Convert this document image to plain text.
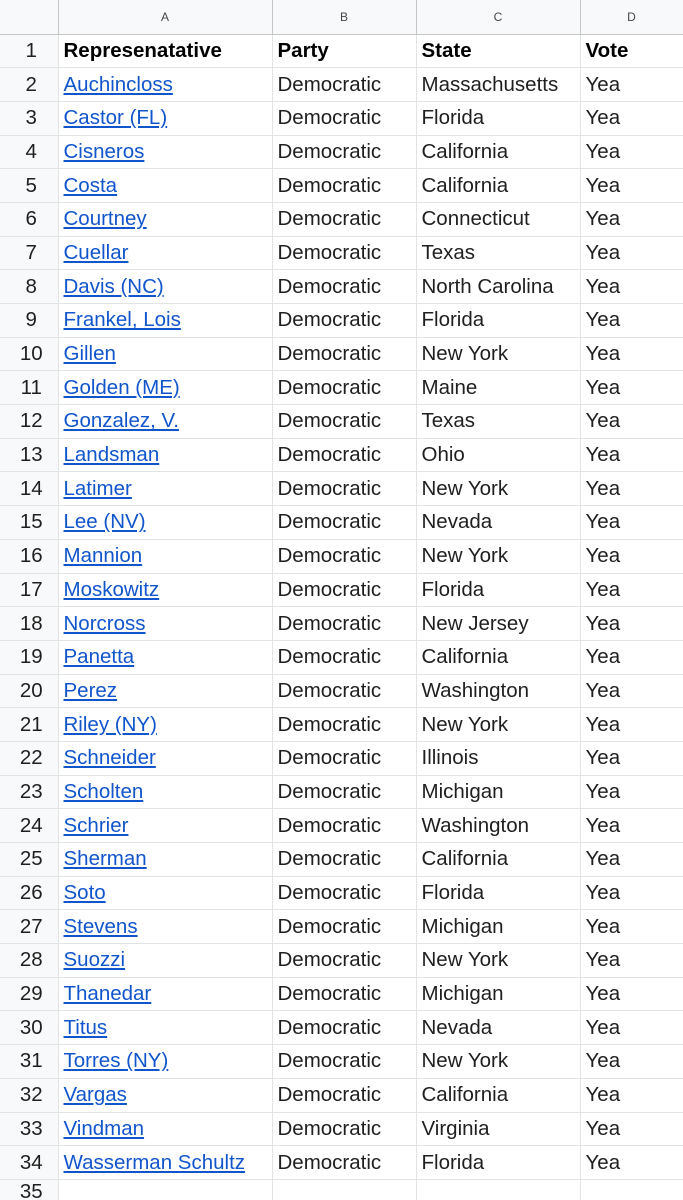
	A	B	C	D
1	Represenatative	Party	State	Vote
2	Auchincloss	Democratic	Massachusetts	Yea
3	Castor (FL)	Democratic	Florida	Yea
4	Cisneros	Democratic	California	Yea
5	Costa	Democratic	California	Yea
6	Courtney	Democratic	Connecticut	Yea
7	Cuellar	Democratic	Texas	Yea
8	Davis (NC)	Democratic	North Carolina	Yea
9	Frankel, Lois	Democratic	Florida	Yea
10	Gillen	Democratic	New York	Yea
11	Golden (ME)	Democratic	Maine	Yea
12	Gonzalez, V.	Democratic	Texas	Yea
13	Landsman	Democratic	Ohio	Yea
14	Latimer	Democratic	New York	Yea
15	Lee (NV)	Democratic	Nevada	Yea
16	Mannion	Democratic	New York	Yea
17	Moskowitz	Democratic	Florida	Yea
18	Norcross	Democratic	New Jersey	Yea
19	Panetta	Democratic	California	Yea
20	Perez	Democratic	Washington	Yea
21	Riley (NY)	Democratic	New York	Yea
22	Schneider	Democratic	Illinois	Yea
23	Scholten	Democratic	Michigan	Yea
24	Schrier	Democratic	Washington	Yea
25	Sherman	Democratic	California	Yea
26	Soto	Democratic	Florida	Yea
27	Stevens	Democratic	Michigan	Yea
28	Suozzi	Democratic	New York	Yea
29	Thanedar	Democratic	Michigan	Yea
30	Titus	Democratic	Nevada	Yea
31	Torres (NY)	Democratic	New York	Yea
32	Vargas	Democratic	California	Yea
33	Vindman	Democratic	Virginia	Yea
34	Wasserman Schultz	Democratic	Florida	Yea
35				
